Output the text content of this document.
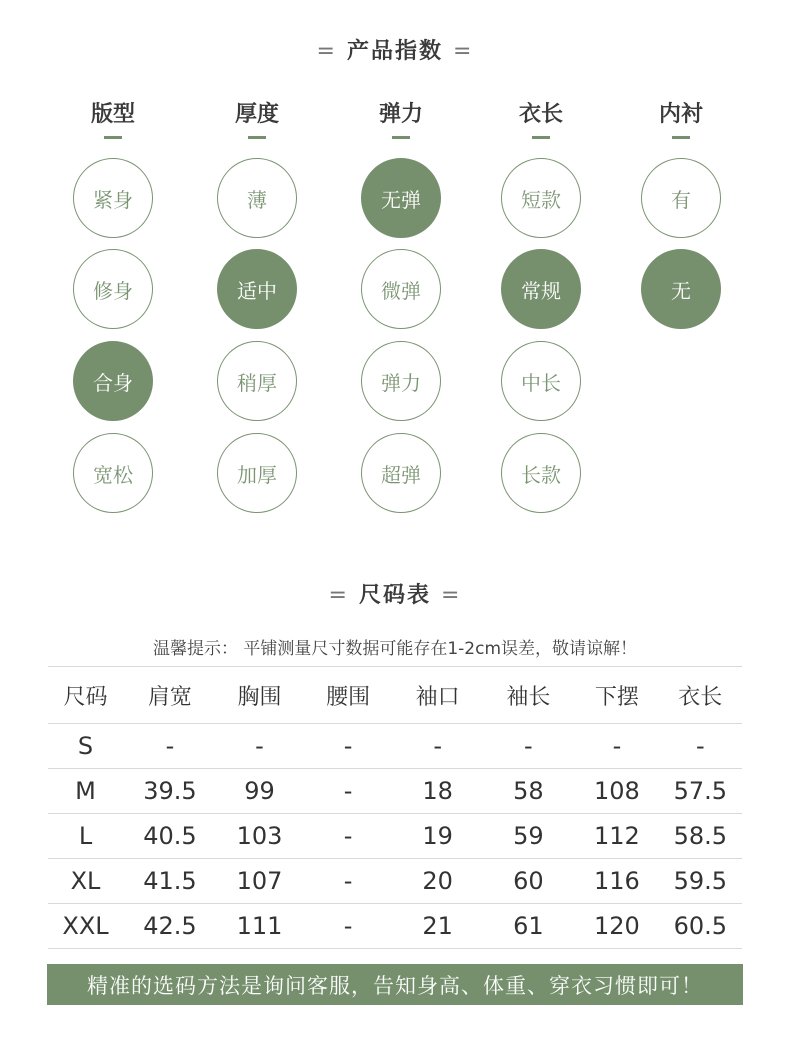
= 产品指数 =
版型
紧身
修身
合身
宽松
厚度
薄
适中
稍厚
加厚
弹力
无弹
微弹
弹力
超弹
衣长
短款
常规
中长
长款
内衬
有
无
= 尺码表 =
温馨提示： 平铺测量尺寸数据可能存在1-2cm误差，敬请谅解！
尺码	肩宽	胸围	腰围	袖口	袖长	下摆	衣长
S	-	-	-	-	-	-	-
M	39.5	99	-	18	58	108	57.5
L	40.5	103	-	19	59	112	58.5
XL	41.5	107	-	20	60	116	59.5
XXL	42.5	111	-	21	61	120	60.5
精准的选码方法是询问客服，告知身高、体重、穿衣习惯即可！
